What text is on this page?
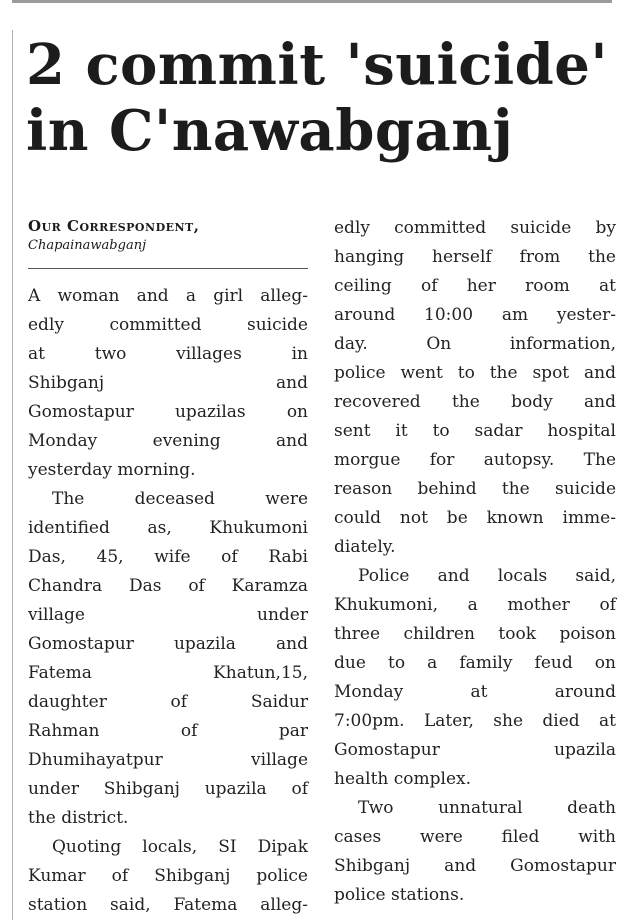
2 commit 'suicide'
in C'nawabganj
Our Correspondent,
Chapainawabganj
A woman and a girl alleg-
edly committed suicide
at two villages in
Shibganj and
Gomostapur upazilas on
Monday evening and
yesterday morning.
The deceased were
identified as, Khukumoni
Das, 45, wife of Rabi
Chandra Das of Karamza
village under
Gomostapur upazila and
Fatema Khatun,15,
daughter of Saidur
Rahman of par
Dhumihayatpur village
under Shibganj upazila of
the district.
Quoting locals, SI Dipak
Kumar of Shibganj police
station said, Fatema alleg-
edly committed suicide by
hanging herself from the
ceiling of her room at
around 10:00 am yester-
day. On information,
police went to the spot and
recovered the body and
sent it to sadar hospital
morgue for autopsy. The
reason behind the suicide
could not be known imme-
diately.
Police and locals said,
Khukumoni, a mother of
three children took poison
due to a family feud on
Monday at around
7:00pm. Later, she died at
Gomostapur upazila
health complex.
Two unnatural death
cases were filed with
Shibganj and Gomostapur
police stations.
